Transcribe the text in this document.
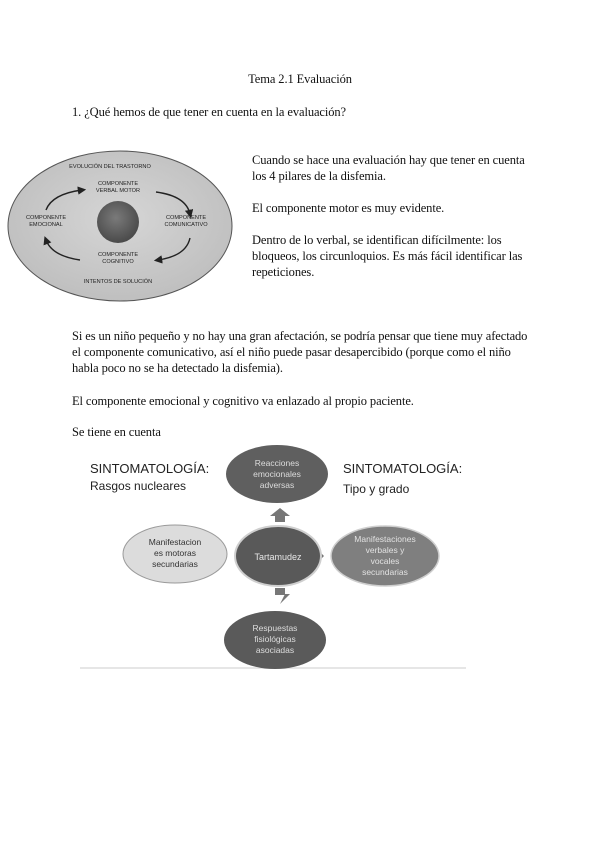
Tema 2.1 Evaluación
1. ¿Qué hemos de que tener en cuenta en la evaluación?
EVOLUCIÓN DEL TRASTORNO
INTENTOS DE SOLUCIÓN
COMPONENTE
VERBAL MOTOR
COMPONENTE
COMUNICATIVO
COMPONENTE
COGNITIVO
COMPONENTE
EMOCIONAL
Cuando se hace una evaluación hay que tener en cuenta
los 4 pilares de la disfemia.
El componente motor es muy evidente.
Dentro de lo verbal, se identifican difícilmente: los
bloqueos, los circunloquios. Es más fácil identificar las
repeticiones.
Si es un niño pequeño y no hay una gran afectación, se podría pensar que tiene muy afectado
el componente comunicativo, así el niño puede pasar desapercibido (porque como el niño
habla poco no se ha detectado la disfemia).
El componente emocional y cognitivo va enlazado al propio paciente.
Se tiene en cuenta
SINTOMATOLOGÍA:
Rasgos nucleares
SINTOMATOLOGÍA:
Tipo y grado
Reacciones
emocionales
adversas
Tartamudez
Manifestacion
es motoras
secundarias
Manifestaciones
verbales y
vocales
secundarias
Respuestas
fisiológicas
asociadas
